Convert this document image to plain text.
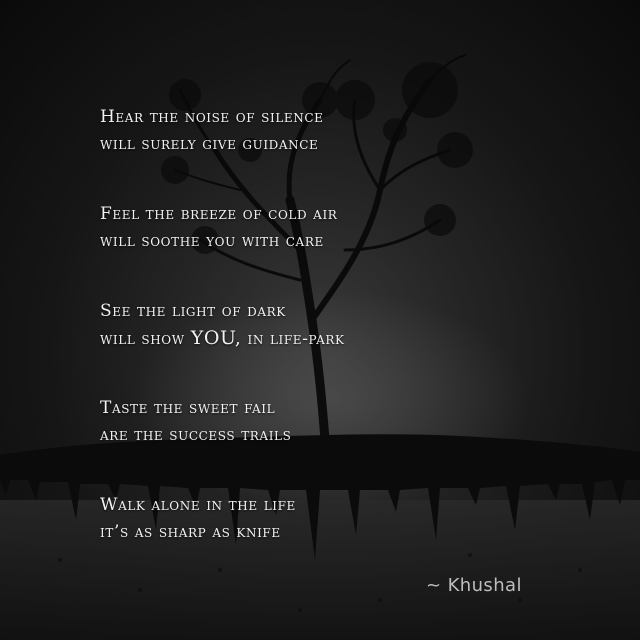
Hear the noise of silence
will surely give guidance
Feel the breeze of cold air
will soothe you with care
See the light of dark
will show YOU, in life-park
Taste the sweet fail
are the success trails
Walk alone in the life
it’s as sharp as knife
~ Khushal
